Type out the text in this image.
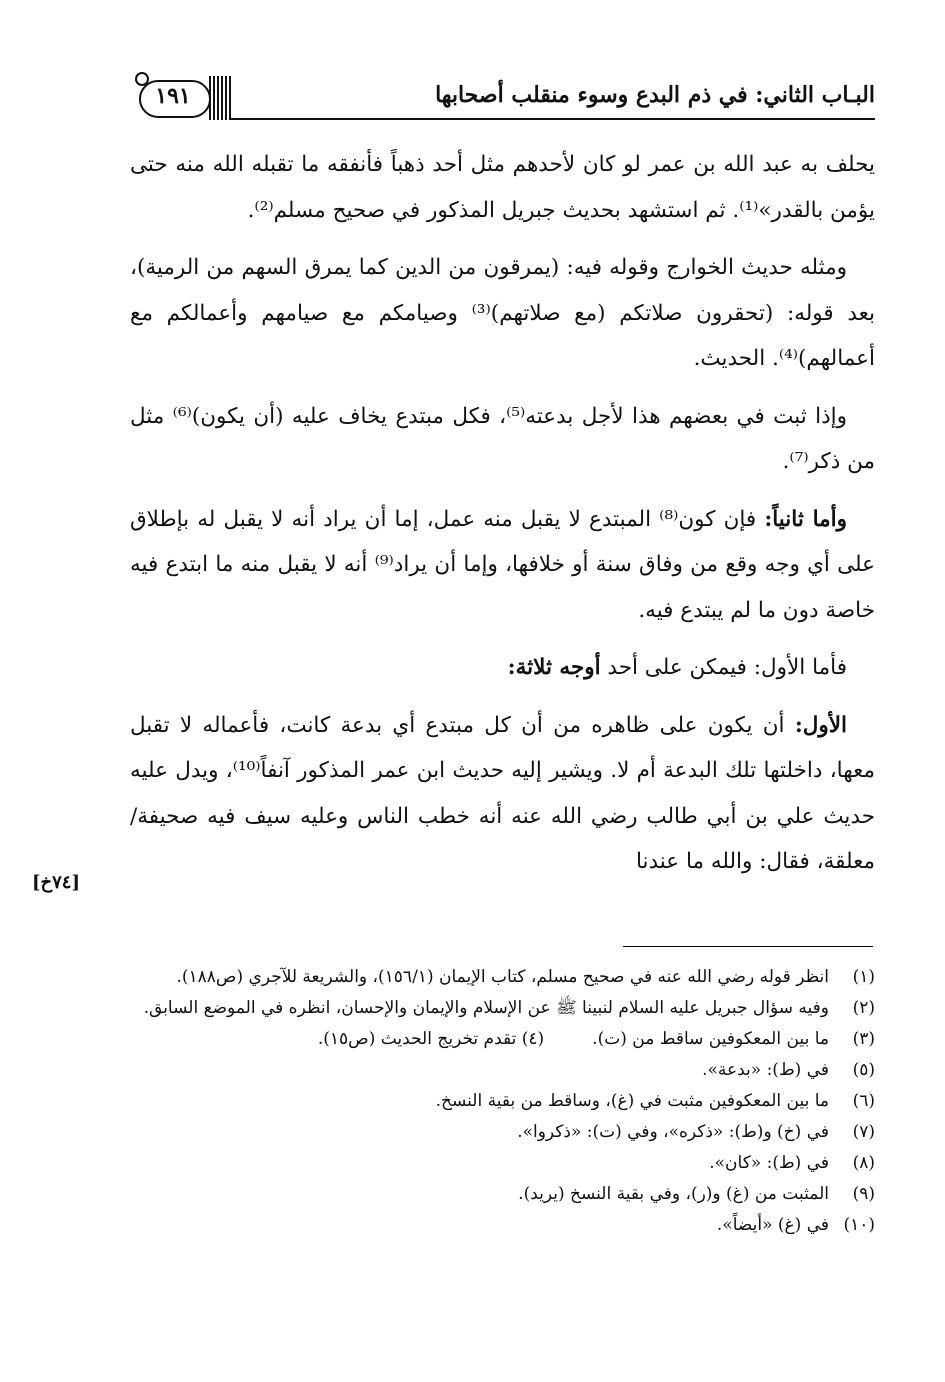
١٩١	البـاب الثاني: في ذم البدع وسوء منقلب أصحابها

يحلف به عبد الله بن عمر لو كان لأحدهم مثل أحد ذهباً فأنفقه ما تقبله الله منه حتى يؤمن بالقدر»⁽¹⁾. ثم استشهد بحديث جبريل المذكور في صحيح مسلم⁽²⁾.

ومثله حديث الخوارج وقوله فيه: (يمرقون من الدين كما يمرق السهم من الرمية)، بعد قوله: (تحقرون صلاتكم (مع صلاتهم)⁽³⁾ وصيامكم مع صيامهم وأعمالكم مع أعمالهم)⁽⁴⁾. الحديث.

وإذا ثبت في بعضهم هذا لأجل بدعته⁽⁵⁾، فكل مبتدع يخاف عليه (أن يكون)⁽⁶⁾ مثل من ذكر⁽⁷⁾.

وأما ثانياً: فإن كون⁽⁸⁾ المبتدع لا يقبل منه عمل، إما أن يراد أنه لا يقبل له بإطلاق على أي وجه وقع من وفاق سنة أو خلافها، وإما أن يراد⁽⁹⁾ أنه لا يقبل منه ما ابتدع فيه خاصة دون ما لم يبتدع فيه.

فأما الأول: فيمكن على أحد أوجه ثلاثة:

الأول: أن يكون على ظاهره من أن كل مبتدع أي بدعة كانت، فأعماله لا تقبل معها، داخلتها تلك البدعة أم لا. ويشير إليه حديث ابن عمر المذكور آنفاً⁽¹⁰⁾، ويدل عليه حديث علي بن أبي طالب رضي الله عنه أنه خطب الناس وعليه سيف فيه صحيفة/ معلقة، فقال: والله ما عندنا

[٧٤خ]

(١)
انظر قوله رضي الله عنه في صحيح مسلم، كتاب الإيمان (١٥٦/١)، والشريعة للآجري (ص١٨٨).

(٢)
وفيه سؤال جبريل عليه السلام لنبينا ﷺ عن الإسلام والإيمان والإحسان، انظره في الموضع السابق.

(٣)
ما بين المعكوفين ساقط من (ت).
(٤) تقدم تخريج الحديث (ص١٥).

(٥)
في (ط): «بدعة».

(٦)
ما بين المعكوفين مثبت في (غ)، وساقط من بقية النسخ.

(٧)
في (خ) و(ط): «ذكره»، وفي (ت): «ذكروا».

(٨)
في (ط): «كان».

(٩)
المثبت من (غ) و(ر)، وفي بقية النسخ (يريد).

(١٠)
في (غ) «أيضاً».
